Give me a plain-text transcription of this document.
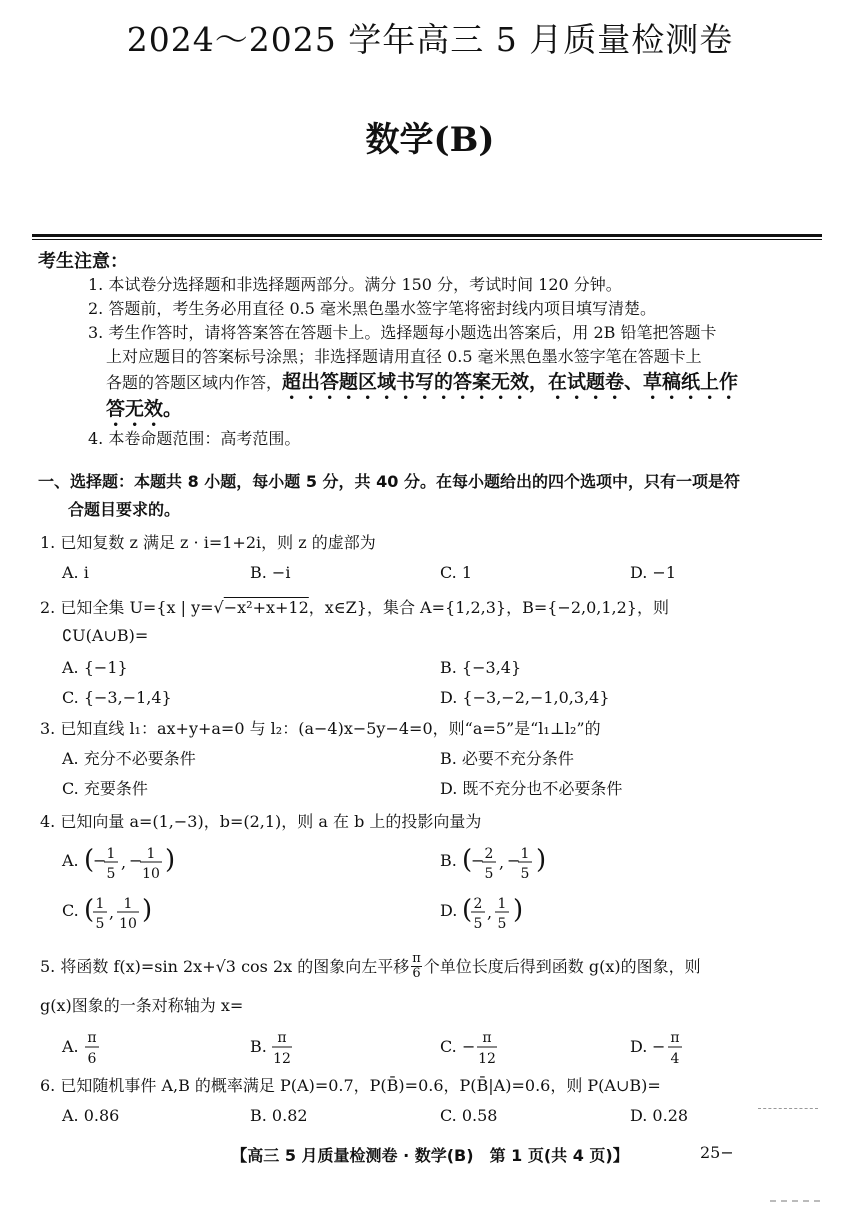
2024～2025 学年高三 5 月质量检测卷
数学(B)
考生注意：
1. 本试卷分选择题和非选择题两部分。满分 150 分，考试时间 120 分钟。
2. 答题前，考生务必用直径 0.5 毫米黑色墨水签字笔将密封线内项目填写清楚。
3. 考生作答时，请将答案答在答题卡上。选择题每小题选出答案后，用 2B 铅笔把答题卡
上对应题目的答案标号涂黑；非选择题请用直径 0.5 毫米黑色墨水签字笔在答题卡上
各题的答题区域内作答，超出答题区域书写的答案无效，在试题卷、草稿纸上作
答无效。
4. 本卷命题范围：高考范围。
一、选择题：本题共 8 小题，每小题 5 分，共 40 分。在每小题给出的四个选项中，只有一项是符
合题目要求的。
1. 已知复数 z 满足 z · i=1+2i，则 z 的虚部为
A. i	B. −i	C. 1	D. −1
2. 已知全集 U={x | y=√−x²+x+12，x∈Z}，集合 A={1,2,3}，B={−2,0,1,2}，则
∁U(A∪B)=
A. {−1}	B. {−3,4}
C. {−3,−1,4}	D. {−3,−2,−1,0,3,4}
3. 已知直线 l₁：ax+y+a=0 与 l₂：(a−4)x−5y−4=0，则“a=5”是“l₁⊥l₂”的
A. 充分不必要条件	B. 必要不充分条件
C. 充要条件	D. 既不充分也不必要条件
4. 已知向量 a=(1,−3)，b=(2,1)，则 a 在 b 上的投影向量为
A. (
− 1
5
, − 1
10 )	B. (
− 2
5
, − 1
5 )
C. ( 1
5
, 1
10 )	D. ( 2
5
, 1
5 )
5. 将函数 f(x)=sin 2x+√3 cos 2x 的图象向左平移 $\frac{\pi}{6}$ 个单位长度后得到函数 g(x)的图象，则
g(x)图象的一条对称轴为 x=
A. π
6
B. π
12
C. − π
12
D. − π
4
6. 已知随机事件 A,B 的概率满足 P(A)=0.7，P(B̄)=0.6，P(B̄|A)=0.6，则 P(A∪B)=
A. 0.86	B. 0.82	C. 0.58	D. 0.28
【高三 5 月质量检测卷 · 数学(B)　第 1 页(共 4 页)】	25−
